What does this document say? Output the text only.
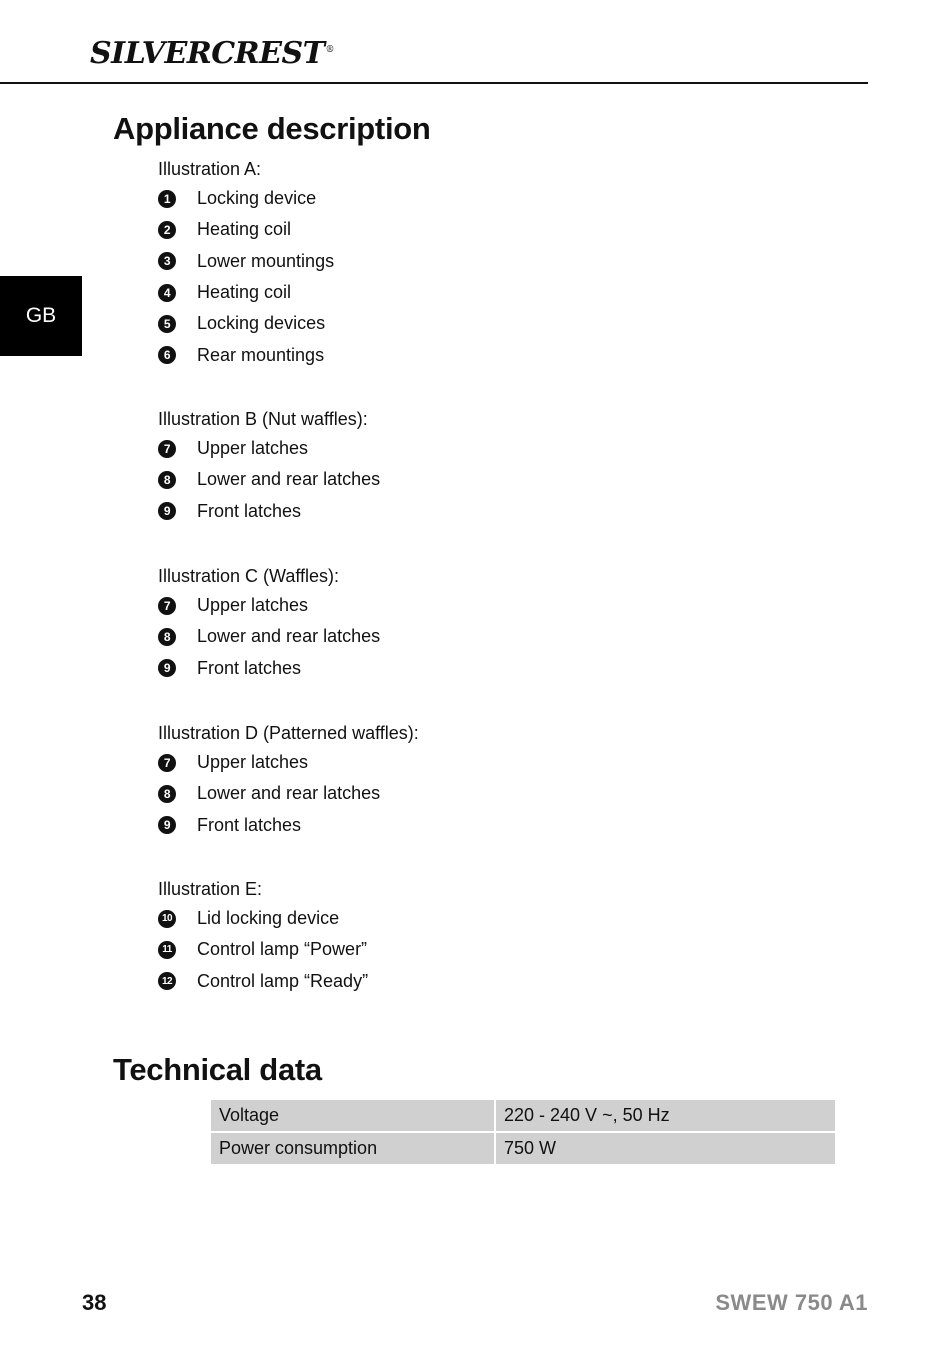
SILVERCREST®
GB
Appliance description

Illustration A:

1	Locking device
2	Heating coil
3	Lower mountings
4	Heating coil
5	Locking devices
6	Rear mountings

Illustration B (Nut waffles):

7	Upper latches
8	Lower and rear latches
9	Front latches

Illustration C (Waffles):

7	Upper latches
8	Lower and rear latches
9	Front latches

Illustration D (Patterned waffles):

7	Upper latches
8	Lower and rear latches
9	Front latches

Illustration E:

10 Lid locking device
11 Control lamp “Power”
12 Control lamp “Ready”
Technical data
Voltage	220 - 240 V ~, 50 Hz
Power consumption	750 W
38	SWEW 750 A1
